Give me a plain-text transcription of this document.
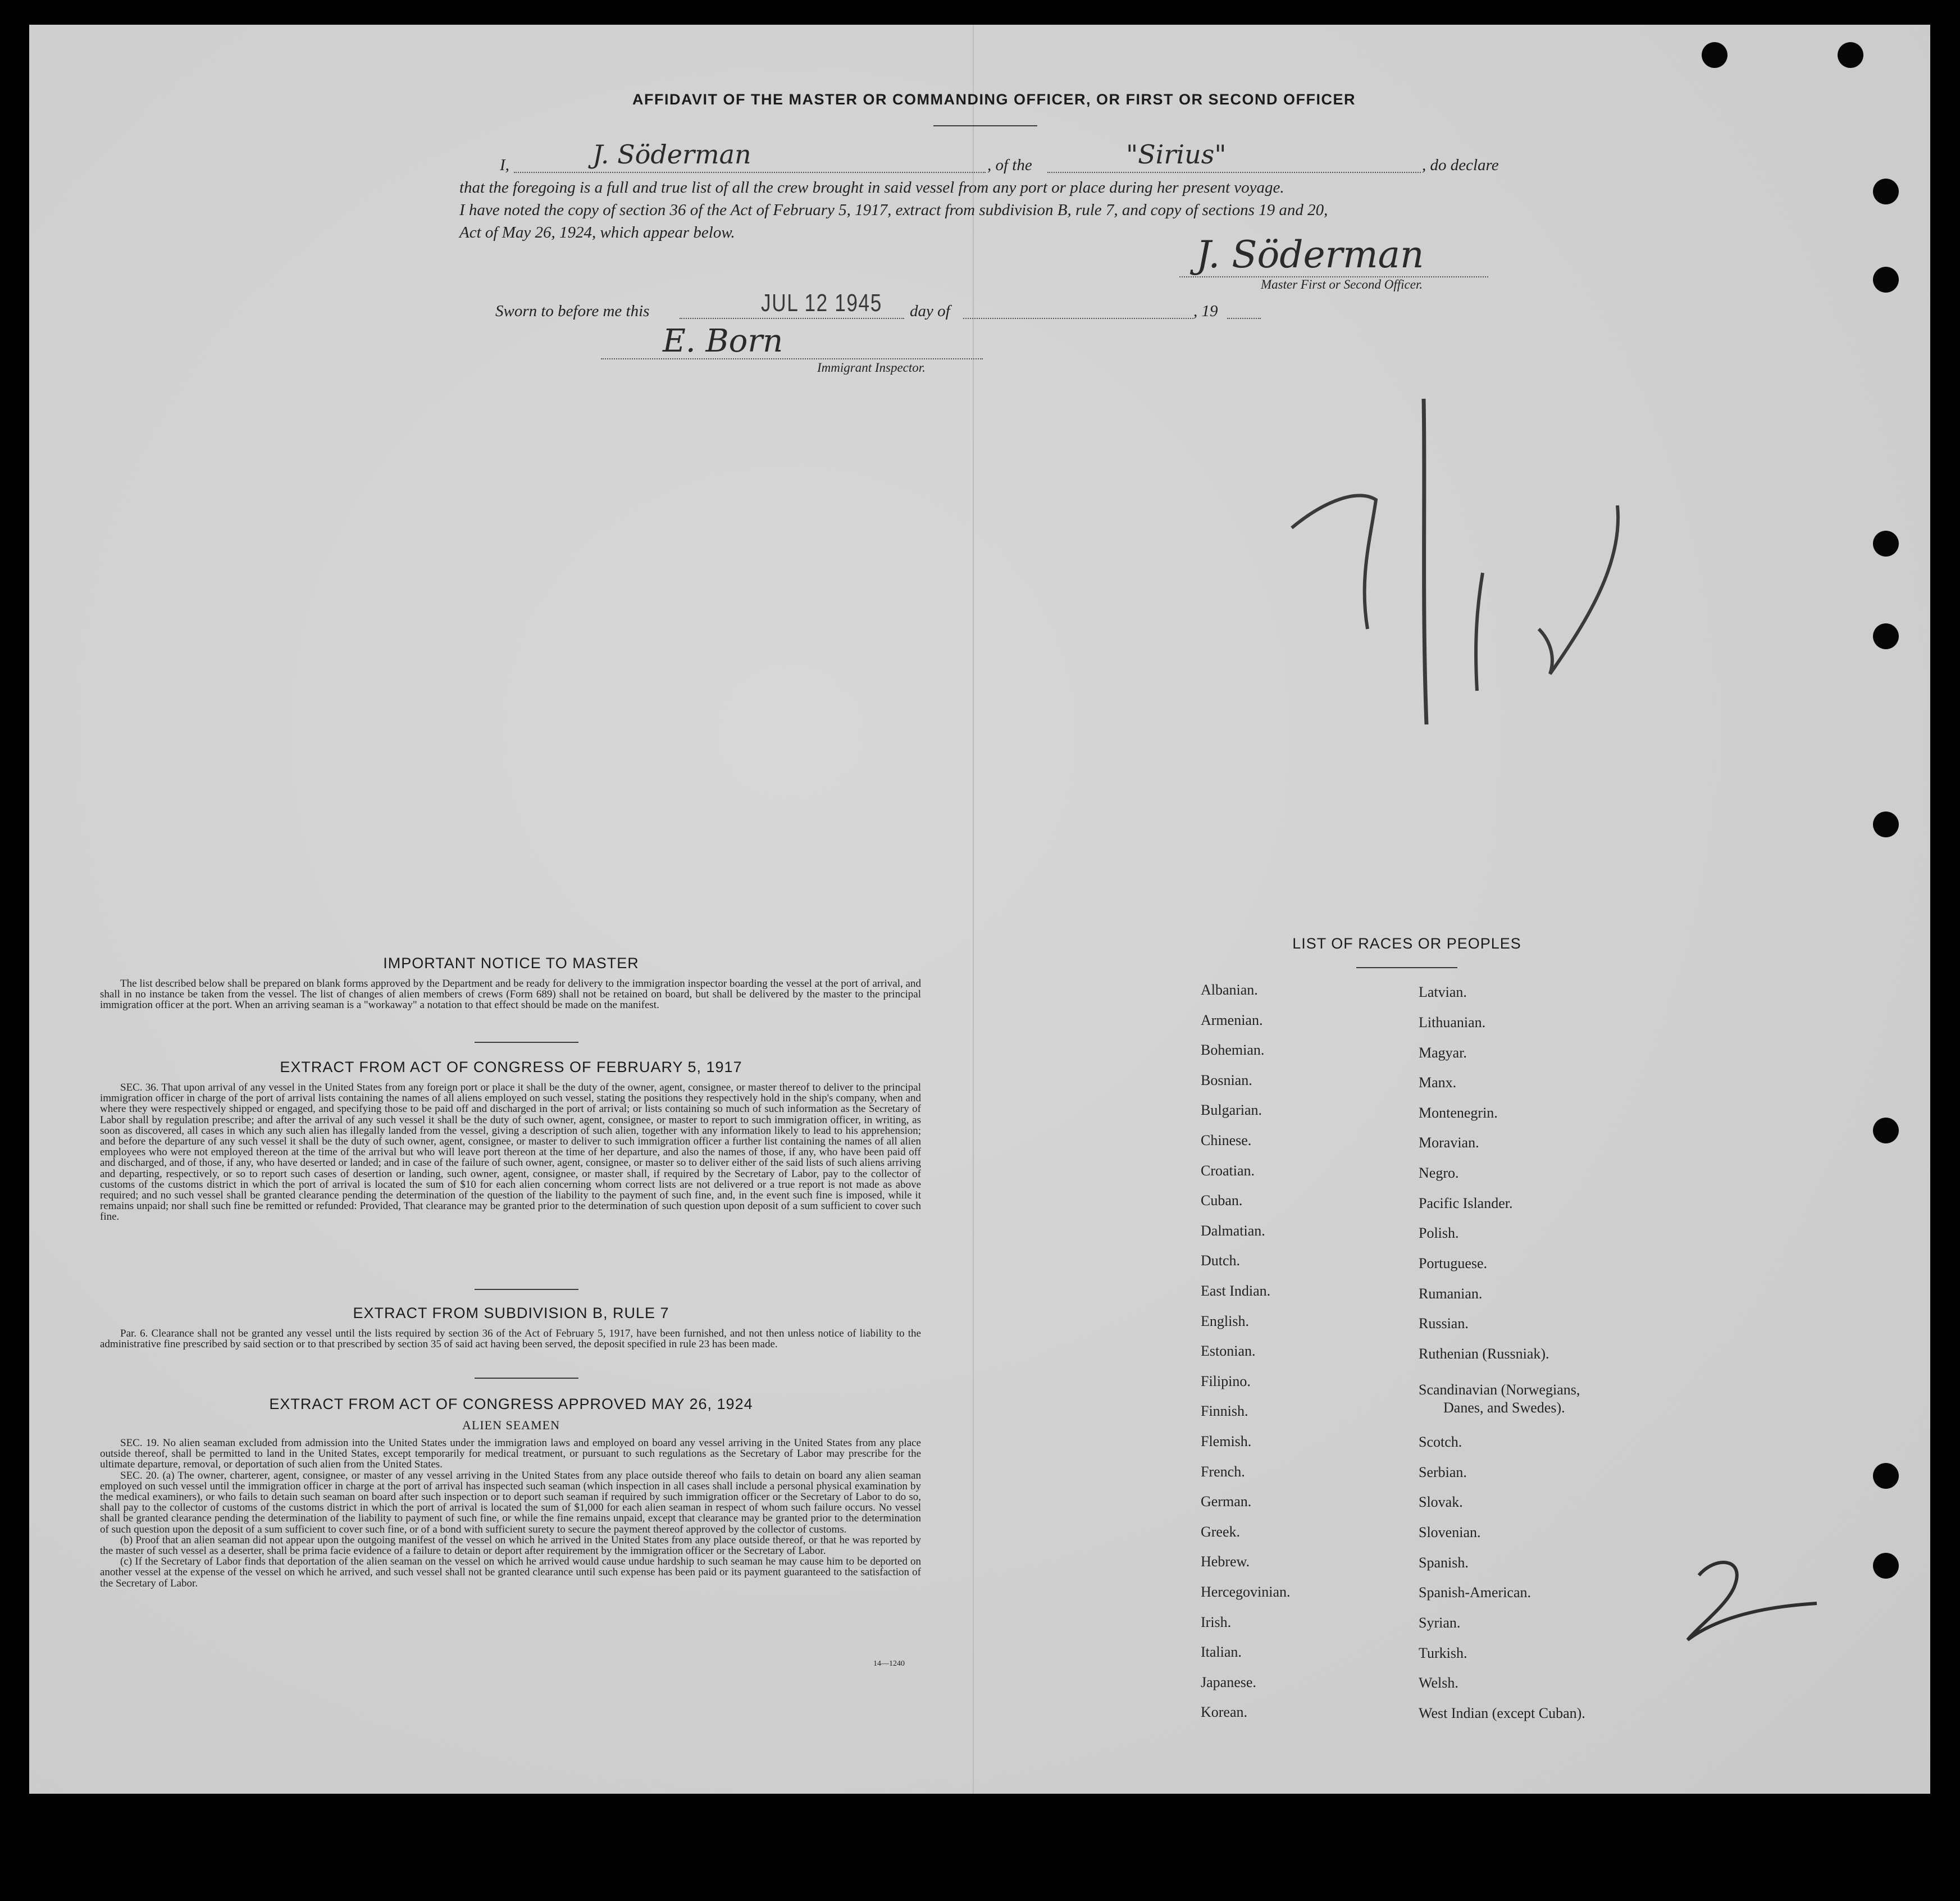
AFFIDAVIT OF THE MASTER OR COMMANDING OFFICER, OR FIRST OR SECOND OFFICER
I,	J. Söderman	, of the	"Sirius"	, do declare
that the foregoing is a full and true list of all the crew brought in said vessel from any port or place during her present voyage.
I have noted the copy of section 36 of the Act of February 5, 1917, extract from subdivision B, rule 7, and copy of sections 19 and 20,
Act of May 26, 1924, which appear below.
J. Söderman
Master First or Second Officer.
Sworn to before me this	JUL 12 1945 day of	, 19
E. Born
Immigrant Inspector.
IMPORTANT NOTICE TO MASTER

The list described below shall be prepared on blank forms approved by the Department and be ready for delivery to the immigration inspector boarding the vessel at the port of arrival, and shall in no instance be taken from the vessel. The list of changes of alien members of crews (Form 689) shall not be retained on board, but shall be delivered by the master to the principal immigration officer at the port. When an arriving seaman is a "workaway" a notation to that effect should be made on the manifest.

EXTRACT FROM ACT OF CONGRESS OF FEBRUARY 5, 1917

SEC. 36. That upon arrival of any vessel in the United States from any foreign port or place it shall be the duty of the owner, agent, consignee, or master thereof to deliver to the principal immigration officer in charge of the port of arrival lists containing the names of all aliens employed on such vessel, stating the positions they respectively hold in the ship's company, when and where they were respectively shipped or engaged, and specifying those to be paid off and discharged in the port of arrival; or lists containing so much of such information as the Secretary of Labor shall by regulation prescribe; and after the arrival of any such vessel it shall be the duty of such owner, agent, consignee, or master to report to such immigration officer, in writing, as soon as discovered, all cases in which any such alien has illegally landed from the vessel, giving a description of such alien, together with any information likely to lead to his apprehension; and before the departure of any such vessel it shall be the duty of such owner, agent, consignee, or master to deliver to such immigration officer a further list containing the names of all alien employees who were not employed thereon at the time of the arrival but who will leave port thereon at the time of her departure, and also the names of those, if any, who have been paid off and discharged, and of those, if any, who have deserted or landed; and in case of the failure of such owner, agent, consignee, or master so to deliver either of the said lists of such aliens arriving and departing, respectively, or so to report such cases of desertion or landing, such owner, agent, consignee, or master shall, if required by the Secretary of Labor, pay to the collector of customs of the customs district in which the port of arrival is located the sum of $10 for each alien concerning whom correct lists are not delivered or a true report is not made as above required; and no such vessel shall be granted clearance pending the determination of the question of the liability to the payment of such fine, and, in the event such fine is imposed, while it remains unpaid; nor shall such fine be remitted or refunded: Provided, That clearance may be granted prior to the determination of such question upon deposit of a sum sufficient to cover such fine.

EXTRACT FROM SUBDIVISION B, RULE 7

Par. 6. Clearance shall not be granted any vessel until the lists required by section 36 of the Act of February 5, 1917, have been furnished, and not then unless notice of liability to the administrative fine prescribed by said section or to that prescribed by section 35 of said act having been served, the deposit specified in rule 23 has been made.

EXTRACT FROM ACT OF CONGRESS APPROVED MAY 26, 1924
ALIEN SEAMEN

SEC. 19. No alien seaman excluded from admission into the United States under the immigration laws and employed on board any vessel arriving in the United States from any place outside thereof, shall be permitted to land in the United States, except temporarily for medical treatment, or pursuant to such regulations as the Secretary of Labor may prescribe for the ultimate departure, removal, or deportation of such alien from the United States.

SEC. 20. (a) The owner, charterer, agent, consignee, or master of any vessel arriving in the United States from any place outside thereof who fails to detain on board any alien seaman employed on such vessel until the immigration officer in charge at the port of arrival has inspected such seaman (which inspection in all cases shall include a personal physical examination by the medical examiners), or who fails to detain such seaman on board after such inspection or to deport such seaman if required by such immigration officer or the Secretary of Labor to do so, shall pay to the collector of customs of the customs district in which the port of arrival is located the sum of $1,000 for each alien seaman in respect of whom such failure occurs. No vessel shall be granted clearance pending the determination of the liability to payment of such fine, or while the fine remains unpaid, except that clearance may be granted prior to the determination of such question upon the deposit of a sum sufficient to cover such fine, or of a bond with sufficient surety to secure the payment thereof approved by the collector of customs.

(b) Proof that an alien seaman did not appear upon the outgoing manifest of the vessel on which he arrived in the United States from any place outside thereof, or that he was reported by the master of such vessel as a deserter, shall be prima facie evidence of a failure to detain or deport after requirement by the immigration officer or the Secretary of Labor.

(c) If the Secretary of Labor finds that deportation of the alien seaman on the vessel on which he arrived would cause undue hardship to such seaman he may cause him to be deported on another vessel at the expense of the vessel on which he arrived, and such vessel shall not be granted clearance until such expense has been paid or its payment guaranteed to the satisfaction of the Secretary of Labor.

14—1240
LIST OF RACES OR PEOPLES
Albanian.
Armenian.
Bohemian.
Bosnian.
Bulgarian.
Chinese.
Croatian.
Cuban.
Dalmatian.
Dutch.
East Indian.
English.
Estonian.
Filipino.
Finnish.
Flemish.
French.
German.
Greek.
Hebrew.
Hercegovinian.
Irish.
Italian.
Japanese.
Korean.
Latvian.
Lithuanian.
Magyar.
Manx.
Montenegrin.
Moravian.
Negro.
Pacific Islander.
Polish.
Portuguese.
Rumanian.
Russian.
Ruthenian (Russniak).
Scandinavian (Norwegians,
Danes, and Swedes).
Scotch.
Serbian.
Slovak.
Slovenian.
Spanish.
Spanish-American.
Syrian.
Turkish.
Welsh.
West Indian (except Cuban).
